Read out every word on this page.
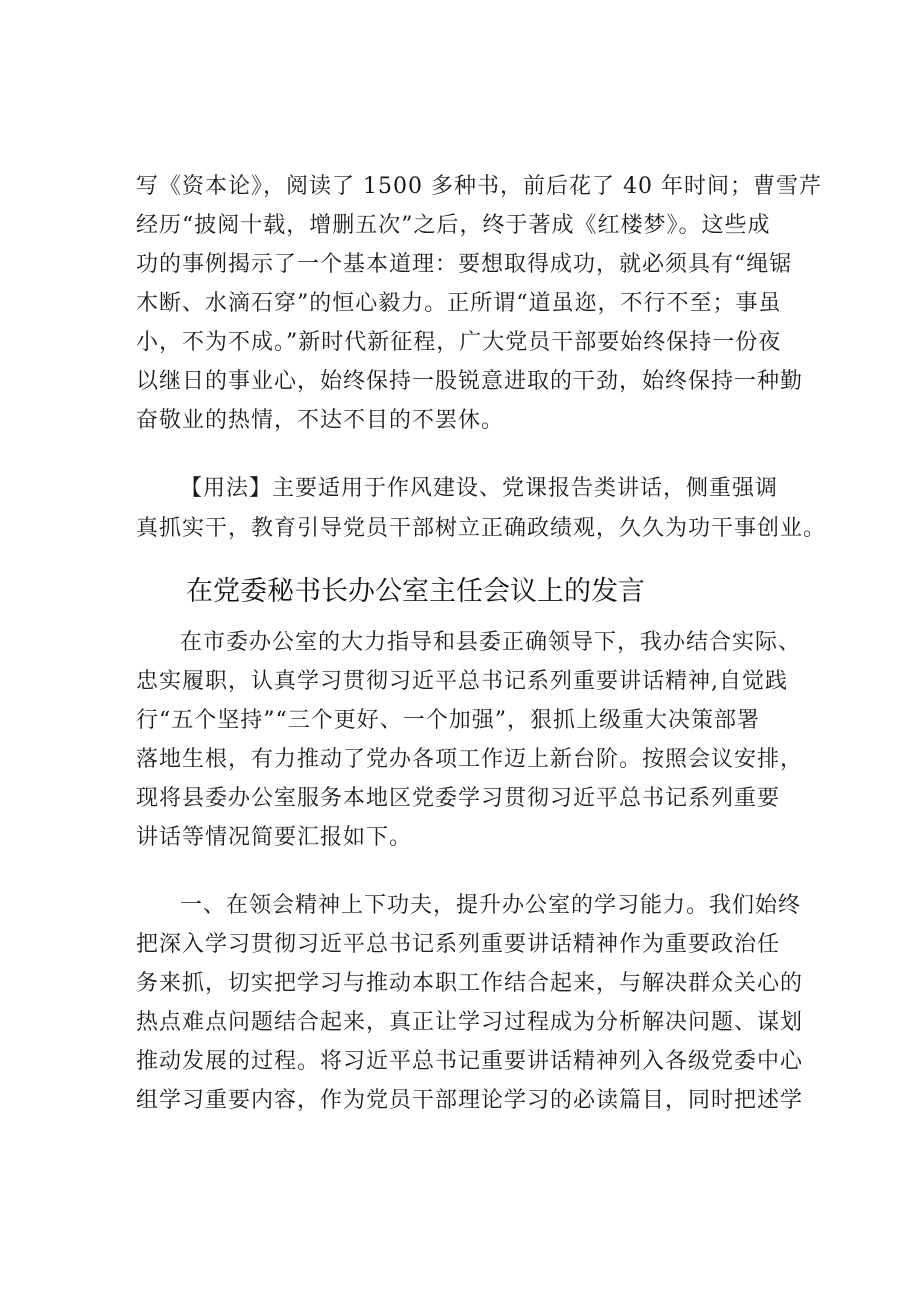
写《资本论》，阅读了 1500 多种书，前后花了 40 年时间；曹雪芹
经历“披阅十载，增删五次”之后，终于著成《红楼梦》。这些成
功的事例揭示了一个基本道理：要想取得成功，就必须具有“绳锯
木断、水滴石穿”的恒心毅力。正所谓“道虽迩，不行不至；事虽
小，不为不成。”新时代新征程，广大党员干部要始终保持一份夜
以继日的事业心，始终保持一股锐意进取的干劲，始终保持一种勤
奋敬业的热情，不达不目的不罢休。
【用法】主要适用于作风建设、党课报告类讲话，侧重强调
真抓实干，教育引导党员干部树立正确政绩观，久久为功干事创业。
在党委秘书长办公室主任会议上的发言
在市委办公室的大力指导和县委正确领导下，我办结合实际、
忠实履职，认真学习贯彻习近平总书记系列重要讲话精神,自觉践
行“五个坚持”“三个更好、一个加强”，狠抓上级重大决策部署
落地生根，有力推动了党办各项工作迈上新台阶。按照会议安排，
现将县委办公室服务本地区党委学习贯彻习近平总书记系列重要
讲话等情况简要汇报如下。
一、在领会精神上下功夫，提升办公室的学习能力。我们始终
把深入学习贯彻习近平总书记系列重要讲话精神作为重要政治任
务来抓，切实把学习与推动本职工作结合起来，与解决群众关心的
热点难点问题结合起来，真正让学习过程成为分析解决问题、谋划
推动发展的过程。将习近平总书记重要讲话精神列入各级党委中心
组学习重要内容，作为党员干部理论学习的必读篇目，同时把述学
